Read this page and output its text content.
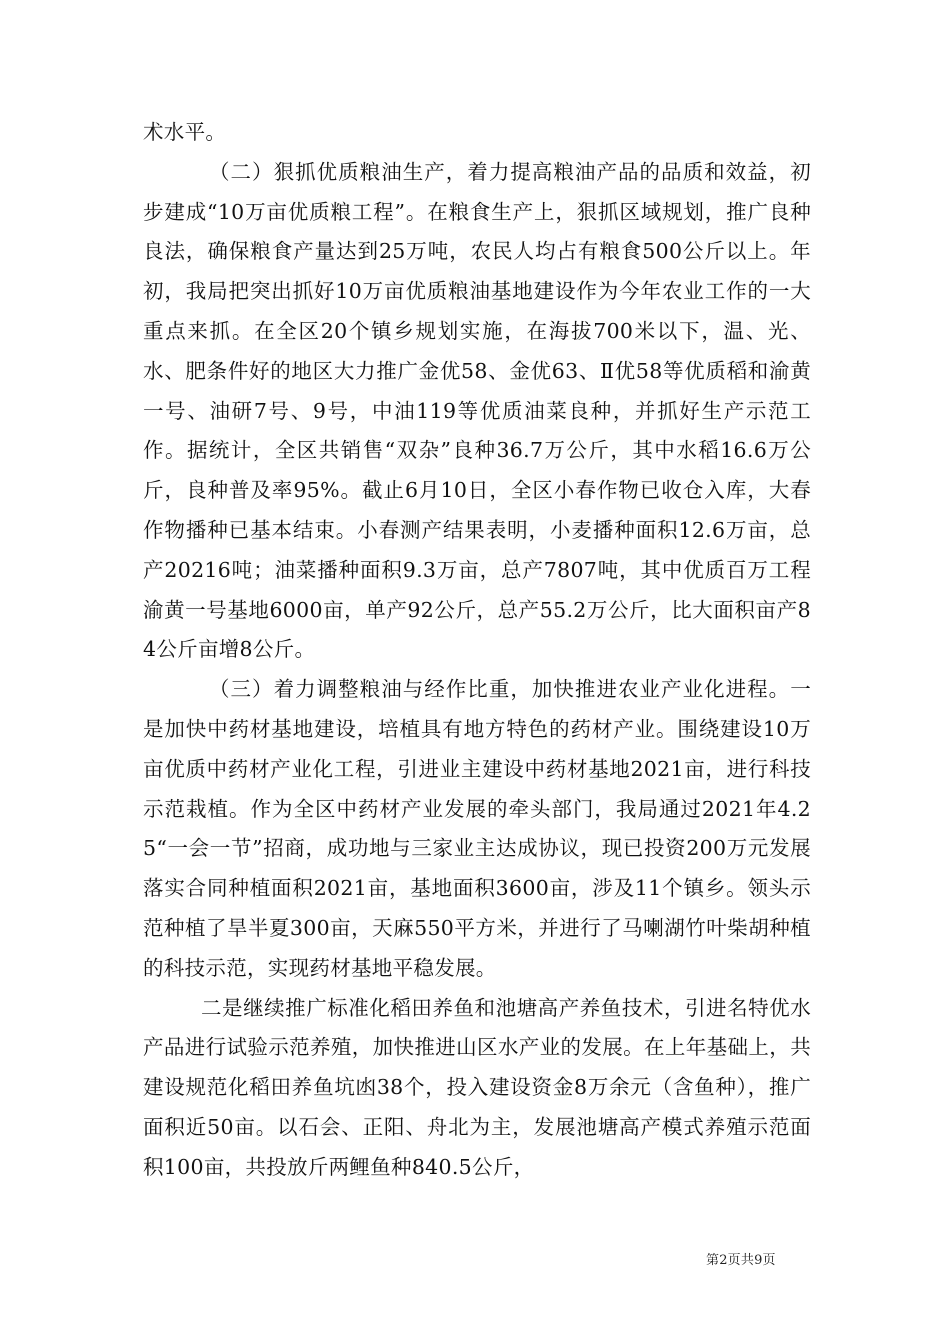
术水平。

（二）狠抓优质粮油生产，着力提高粮油产品的品质和效益，初步建成“10万亩优质粮工程”。在粮食生产上，狠抓区域规划，推广良种良法，确保粮食产量达到25万吨，农民人均占有粮食500公斤以上。年初，我局把突出抓好10万亩优质粮油基地建设作为今年农业工作的一大重点来抓。在全区20个镇乡规划实施，在海拔700米以下，温、光、水、肥条件好的地区大力推广金优58、金优63、Ⅱ优58等优质稻和渝黄一号、油研7号、9号，中油119等优质油菜良种，并抓好生产示范工作。据统计，全区共销售“双杂”良种36.7万公斤，其中水稻16.6万公斤，良种普及率95%。截止6月10日，全区小春作物已收仓入库，大春作物播种已基本结束。小春测产结果表明，小麦播种面积12.6万亩，总产20216吨；油菜播种面积9.3万亩，总产7807吨，其中优质百万工程渝黄一号基地6000亩，单产92公斤，总产55.2万公斤，比大面积亩产84公斤亩增8公斤。

（三）着力调整粮油与经作比重，加快推进农业产业化进程。一是加快中药材基地建设，培植具有地方特色的药材产业。围绕建设10万亩优质中药材产业化工程，引进业主建设中药材基地2021亩，进行科技示范栽植。作为全区中药材产业发展的牵头部门，我局通过2021年4.25“一会一节”招商，成功地与三家业主达成协议，现已投资200万元发展落实合同种植面积2021亩，基地面积3600亩，涉及11个镇乡。领头示范种植了旱半夏300亩，天麻550平方米，并进行了马喇湖竹叶柴胡种植的科技示范，实现药材基地平稳发展。

二是继续推广标准化稻田养鱼和池塘高产养鱼技术，引进名特优水产品进行试验示范养殖，加快推进山区水产业的发展。在上年基础上，共建设规范化稻田养鱼坑凼38个，投入建设资金8万余元（含鱼种），推广面积近50亩。以石会、正阳、舟北为主，发展池塘高产模式养殖示范面积100亩，共投放斤两鲤鱼种840.5公斤，

第2页共9页
